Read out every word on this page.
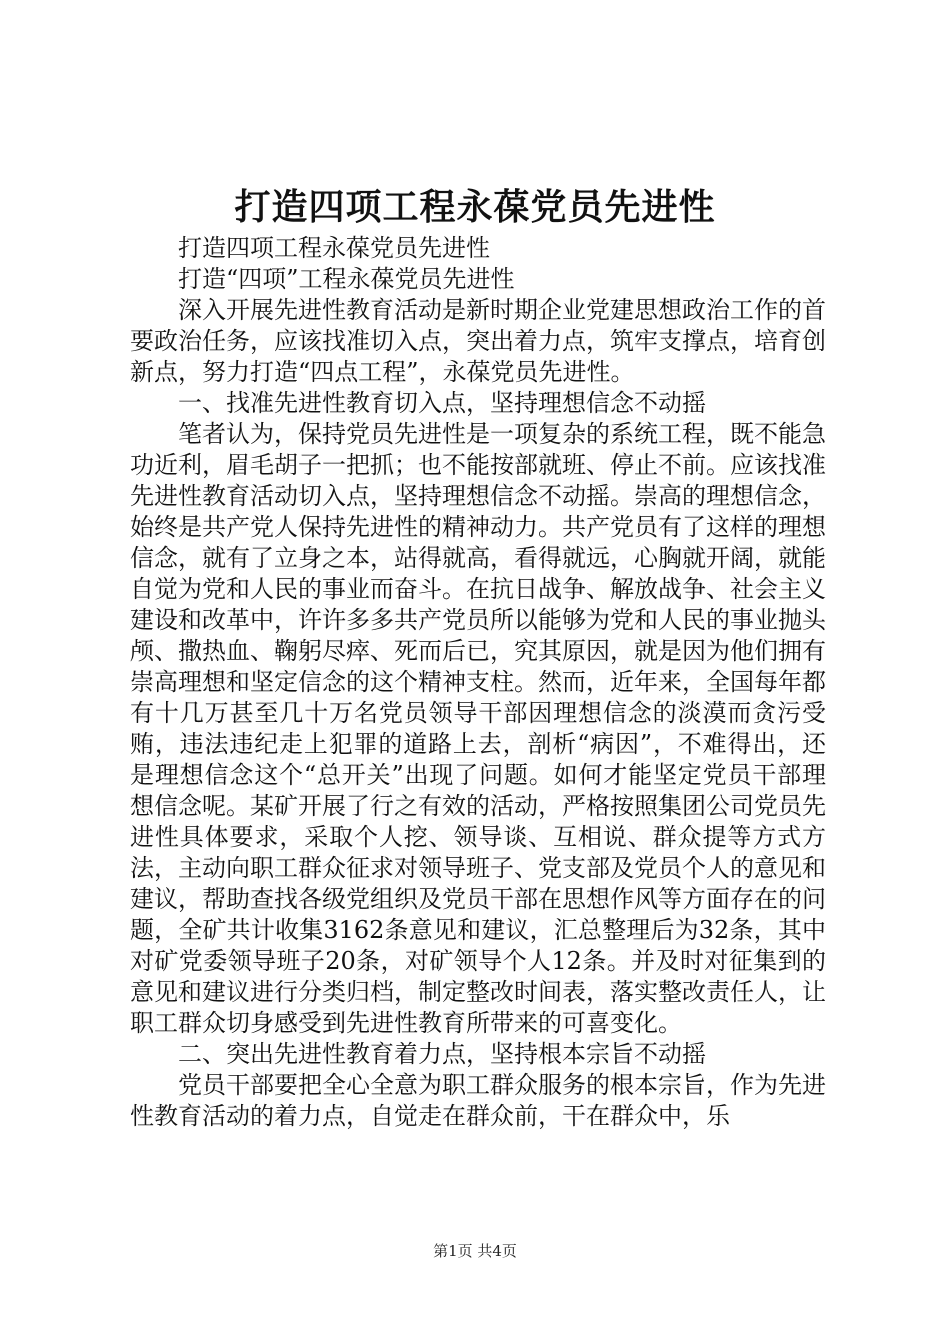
打造四项工程永葆党员先进性

打造四项工程永葆党员先进性

打造“四项”工程永葆党员先进性

深入开展先进性教育活动是新时期企业党建思想政治工作的首要政治任务，应该找准切入点，突出着力点，筑牢支撑点，培育创新点，努力打造“四点工程”，永葆党员先进性。

一、找准先进性教育切入点，坚持理想信念不动摇

笔者认为，保持党员先进性是一项复杂的系统工程，既不能急功近利，眉毛胡子一把抓；也不能按部就班、停止不前。应该找准先进性教育活动切入点，坚持理想信念不动摇。崇高的理想信念，始终是共产党人保持先进性的精神动力。共产党员有了这样的理想信念，就有了立身之本，站得就高，看得就远，心胸就开阔，就能自觉为党和人民的事业而奋斗。在抗日战争、解放战争、社会主义建设和改革中，许许多多共产党员所以能够为党和人民的事业抛头颅、撒热血、鞠躬尽瘁、死而后已，究其原因，就是因为他们拥有崇高理想和坚定信念的这个精神支柱。然而，近年来，全国每年都有十几万甚至几十万名党员领导干部因理想信念的淡漠而贪污受贿，违法违纪走上犯罪的道路上去，剖析“病因”，不难得出，还是理想信念这个“总开关”出现了问题。如何才能坚定党员干部理想信念呢。某矿开展了行之有效的活动，严格按照集团公司党员先进性具体要求，采取个人挖、领导谈、互相说、群众提等方式方法，主动向职工群众征求对领导班子、党支部及党员个人的意见和建议，帮助查找各级党组织及党员干部在思想作风等方面存在的问题，全矿共计收集3162条意见和建议，汇总整理后为32条，其中对矿党委领导班子20条，对矿领导个人12条。并及时对征集到的意见和建议进行分类归档，制定整改时间表，落实整改责任人，让职工群众切身感受到先进性教育所带来的可喜变化。

二、突出先进性教育着力点，坚持根本宗旨不动摇

党员干部要把全心全意为职工群众服务的根本宗旨，作为先进性教育活动的着力点，自觉走在群众前，干在群众中，乐

第1页 共4页
